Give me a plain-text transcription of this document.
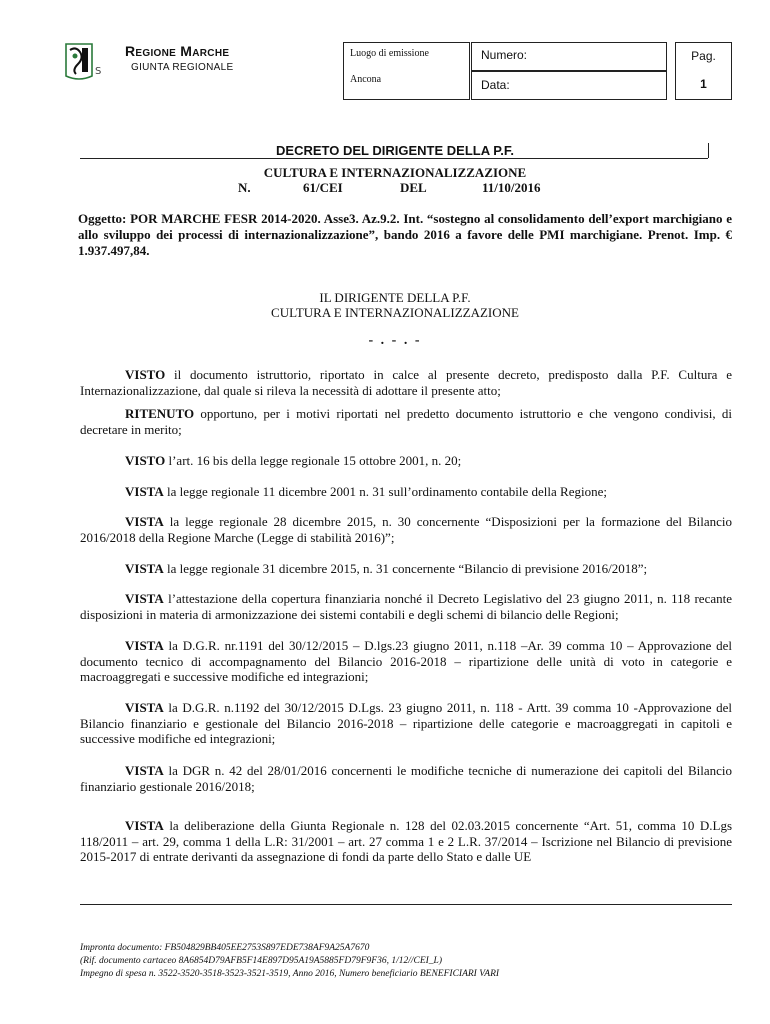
S
Regione Marche
GIUNTA REGIONALE
Luogo di emissione
Ancona
Numero:
Data:
Pag.
1
DECRETO DEL DIRIGENTE DELLA P.F.
CULTURA E INTERNAZIONALIZZAZIONE
N.	61/CEI	DEL	11/10/2016
Oggetto: POR MARCHE FESR 2014-2020. Asse3. Az.9.2. Int. “sostegno al consolidamento dell’export marchigiano e allo sviluppo dei processi di internazionalizzazione”, bando 2016 a favore delle PMI marchigiane. Prenot. Imp. € 1.937.497,84.
IL DIRIGENTE DELLA P.F.
CULTURA E INTERNAZIONALIZZAZIONE
- . - . -
VISTO il documento istruttorio, riportato in calce al presente decreto, predisposto dalla P.F. Cultura e Internazionalizzazione, dal quale si rileva la necessità di adottare il presente atto;
RITENUTO opportuno, per i motivi riportati nel predetto documento istruttorio e che vengono condivisi, di decretare in merito;
VISTO l’art. 16 bis della legge regionale 15 ottobre 2001, n. 20;
VISTA la legge regionale 11 dicembre 2001 n. 31 sull’ordinamento contabile della Regione;
VISTA la legge regionale 28 dicembre 2015, n. 30 concernente “Disposizioni per la formazione del Bilancio 2016/2018 della Regione Marche (Legge di stabilità 2016)”;
VISTA la legge regionale 31 dicembre 2015, n. 31 concernente “Bilancio di previsione 2016/2018”;
VISTA l’attestazione della copertura finanziaria nonché il Decreto Legislativo del 23 giugno 2011, n. 118 recante disposizioni in materia di armonizzazione dei sistemi contabili e degli schemi di bilancio delle Regioni;
VISTA la D.G.R. nr.1191 del 30/12/2015 – D.lgs.23 giugno 2011, n.118 –Ar. 39 comma 10 – Approvazione del documento tecnico di accompagnamento del Bilancio 2016-2018 – ripartizione delle unità di voto in categorie e macroaggregati e successive modifiche ed integrazioni;
VISTA la D.G.R. n.1192 del 30/12/2015 D.Lgs. 23 giugno 2011, n. 118 - Artt. 39 comma 10 -Approvazione del Bilancio finanziario e gestionale del Bilancio 2016-2018 – ripartizione delle categorie e macroaggregati in capitoli e successive modifiche ed integrazioni;
VISTA la DGR n. 42 del 28/01/2016 concernenti le modifiche tecniche di numerazione dei capitoli del Bilancio finanziario gestionale 2016/2018;
VISTA la deliberazione della Giunta Regionale n. 128 del 02.03.2015 concernente “Art. 51, comma 10 D.Lgs 118/2011 – art. 29, comma 1 della L.R: 31/2001 – art. 27 comma 1 e 2 L.R. 37/2014 – Iscrizione nel Bilancio di previsione 2015-2017 di entrate derivanti da assegnazione di fondi da parte dello Stato e dalle UE
Impronta documento: FB504829BB405EE2753S897EDE738AF9A25A7670
(Rif. documento cartaceo 8A6854D79AFB5F14E897D95A19A5885FD79F9F36, 1/12//CEI_L)
Impegno di spesa n. 3522-3520-3518-3523-3521-3519, Anno 2016, Numero beneficiario BENEFICIARI VARI
